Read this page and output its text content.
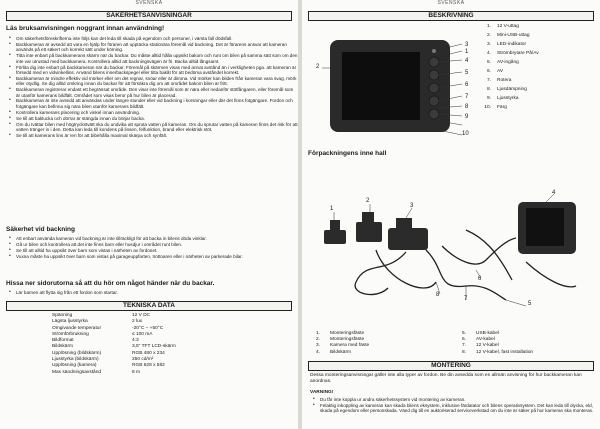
SVENSKA
SÄKERHETSANVISNINGAR
Läs bruksanvisningen noggrant innan användning!
• Om säkerhetsföreskrifterna inte följs kan det leda till skada på egendom och personer, i värsta fall dödsfall.
• Backkameran är avsedd att vara en hjälp för föraren att upptäcka stationära föremål vid backning. Det är förarens ansvar att kameran används på ett säkert och korrekt sätt under körning.
• Titta inte enbart på backkamerans skärm när du backar. Du måste alltid hålla uppsikt bakom och runt om bilen på samma sätt som om den inte var utrustad med backkamera. Kontrollera alltid att backningsvägen är fri. Backa alltid långsamt.
• Förlita dig inte enbart på backkameran när du backar. Föremål på skärmen visas med annat avstånd än i verkligheten pga. att kameran är försedd med en vidvinkellins. Använd bilens innerbackspegel eller titta bakåt för att bedöma avståndet korrekt.
• Backkameran är mindre effektiv vid mörker eller om det regnar, snöar eller är dimma. Vid mörker kan bilden från kameran vara svag, mörk eller otydlig. Se dig alltid omkring innan du backar för att försäkra dig om att området bakom bilen är fritt.
• Backkameran registrerar endast ett begränsat område. Den visar inte föremål som är nära eller nedanför stötfångaren, eller föremål som är utanför kamerans bildfält. Området som visas beror på hur bilen är placerad.
• Backkameran är inte avsedd att användas under längre stunder eller vid backning i korsningar eller där det finns fotgängare. Fordon och fotgängare kan befinna sig nära bilen utanför kamerans bildfält.
• Kontrollera kamerans placering och vinkel innan användning.
• Se till att baklucka och dörrar är stängda innan du börjar backa.
• Om du tvättar bilen med högtryckstvätt ska du undvika att spruta vatten på kameran. Om du sprutar vatten på kameran finns det risk för att vatten tränger in i den. Detta kan leda till kondens på linsen, felfunktion, brand eller elektrisk stöt.
• Se till att kamerans lins är ren för att bibehålla maximal skärpa och synfält.
Säkerhet vid backning
• Att enbart använda kameran vid backning är inte tillräckligt för att backa in bilens döda vinklar.
• Gå ur bilen och kontrollera att det inte finns barn eller husdjur i området runt bilen.
• Se till att alltid ha uppsikt över barn som vistas i närheten av fordonet.
• Vuxna måste ha uppsikt över barn som vistas på garageuppfarten, trottoaren eller i närheten av parkerade bilar.
Hissa ner sidorutorna så att du hör om något händer när du backar.
• Lär barnen att flytta sig från ett fordon som startar.
TEKNISKA DATA
Spänning	12 V DC
Lägsta ljusstyrka	2 lux
Omgivande temperatur	-20°C – +50°C
Strömförbrukning	≤ 100 mA
Bildformat	4:3
Bildskärm	3,5" TFT LCD-skärm
Upplösning (bildskärm)	RGB 480 x 234
Ljusstyrka (bildskärm)	250 cd/m²
Upplösning (kamera)	RGB 628 x 582
Max sändningsavstånd	8 m
SVENSKA
BESKRIVNING
2
3
1
4
5
6
7
8
9
10
1.	12 V-uttag
2.	Mini-USB-uttag
3.	LED-indikator
4.	Strömbrytare På/Av
5.	AV-ingång
6.	AV
7.	Rotera
8.	Ljusdämpning
9.	Ljusstyrka
10.	Färg
Förpackningens inne hall
1
2
3
4
5
6
7
8
1.	Monteringsfäste
2.	Monteringsfäste
3.	Kamera med fäste
4.	Bildskärm
5.	USB-kabel
6.	AV-kabel
7.	12 V-kabel
8.	12 V-kabel, fast installation
MONTERING
Dessa monteringsanvisningar gäller inte alla typer av fordon. Be din avsedda som en allmän anvisning för hur backkameran kan anordnas.
VARNING!
• Du får inte koppla ur andra säkerhetssystem vid montering av kameran.
• Felaktig inkoppling av kameran kan skada bilens eksystem, inklusive färdatator och bilens operativsystem. Det kan leda till olycka, eld, skada på egendom eller personskada. Vänd dig till en auktoriserad serviceverkstad om du inte är säker på hur kameran ska monteras.
